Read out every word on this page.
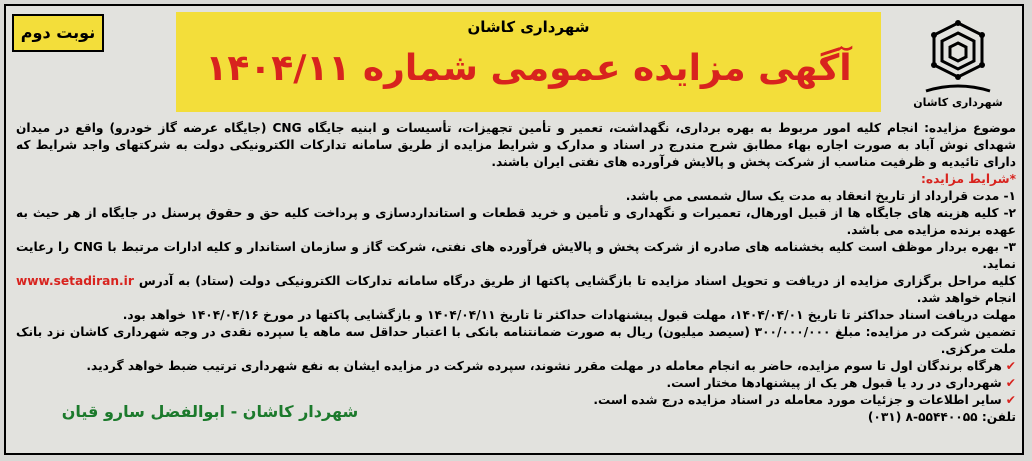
نوبت دوم	شهرداری کاشان
آگهی مزایده عمومی شماره ۱۴۰۴/۱۱
شهرداری کاشان

موضوع مزایده: انجام کلیه امور مربوط به بهره برداری، نگهداشت، تعمیر و تأمین تجهیزات، تأسیسات و ابنیه جایگاه CNG (جایگاه عرضه گاز خودرو) واقع در میدان شهدای نوش آباد به صورت اجاره بهاء مطابق شرح مندرج در اسناد و مدارک و شرایط مزایده از طریق سامانه تدارکات الکترونیکی دولت به شرکتهای واجد شرایط که دارای تائیدیه و ظرفیت مناسب از شرکت پخش و پالایش فرآورده های نفتی ایران باشند.

*شرایط مزایده:

۱- مدت قرارداد از تاریخ انعقاد به مدت یک سال شمسی می باشد.

۲- کلیه هزینه های جایگاه ها از قبیل اورهال، تعمیرات و نگهداری و تأمین و خرید قطعات و استانداردسازی و پرداخت کلیه حق و حقوق پرسنل در جایگاه از هر حیث به عهده برنده مزایده می باشد.

۳- بهره بردار موظف است کلیه بخشنامه های صادره از شرکت پخش و پالایش فرآورده های نفتی، شرکت گاز و سازمان استاندار و کلیه ادارات مرتبط با CNG را رعایت نماید.

کلیه مراحل برگزاری مزایده از دریافت و تحویل اسناد مزایده تا بازگشایی پاکتها از طریق درگاه سامانه تدارکات الکترونیکی دولت (ستاد) به آدرس www.setadiran.ir انجام خواهد شد.

مهلت دریافت اسناد حداکثر تا تاریخ ۱۴۰۴/۰۴/۰۱، مهلت قبول پیشنهادات حداکثر تا تاریخ ۱۴۰۴/۰۴/۱۱ و بازگشایی پاکتها در مورخ ۱۴۰۴/۰۴/۱۶ خواهد بود.

تضمین شرکت در مزایده: مبلغ ۳۰۰/۰۰۰/۰۰۰ (سیصد میلیون) ریال به صورت ضمانتنامه بانکی با اعتبار حداقل سه ماهه یا سپرده نقدی در وجه شهرداری کاشان نزد بانک ملت مرکزی.

✔هرگاه برندگان اول تا سوم مزایده، حاضر به انجام معامله در مهلت مقرر نشوند، سپرده شرکت در مزایده ایشان به نفع شهرداری ترتیب ضبط خواهد گردید.

✔شهرداری در رد یا قبول هر یک از پیشنهادها مختار است.

✔سایر اطلاعات و جزئیات مورد معامله در اسناد مزایده درج شده است.

تلفن: ۵۵۴۴۰۰۵۵-۸ (۰۳۱)

شهردار کاشان - ابوالفضل سارو قیان
